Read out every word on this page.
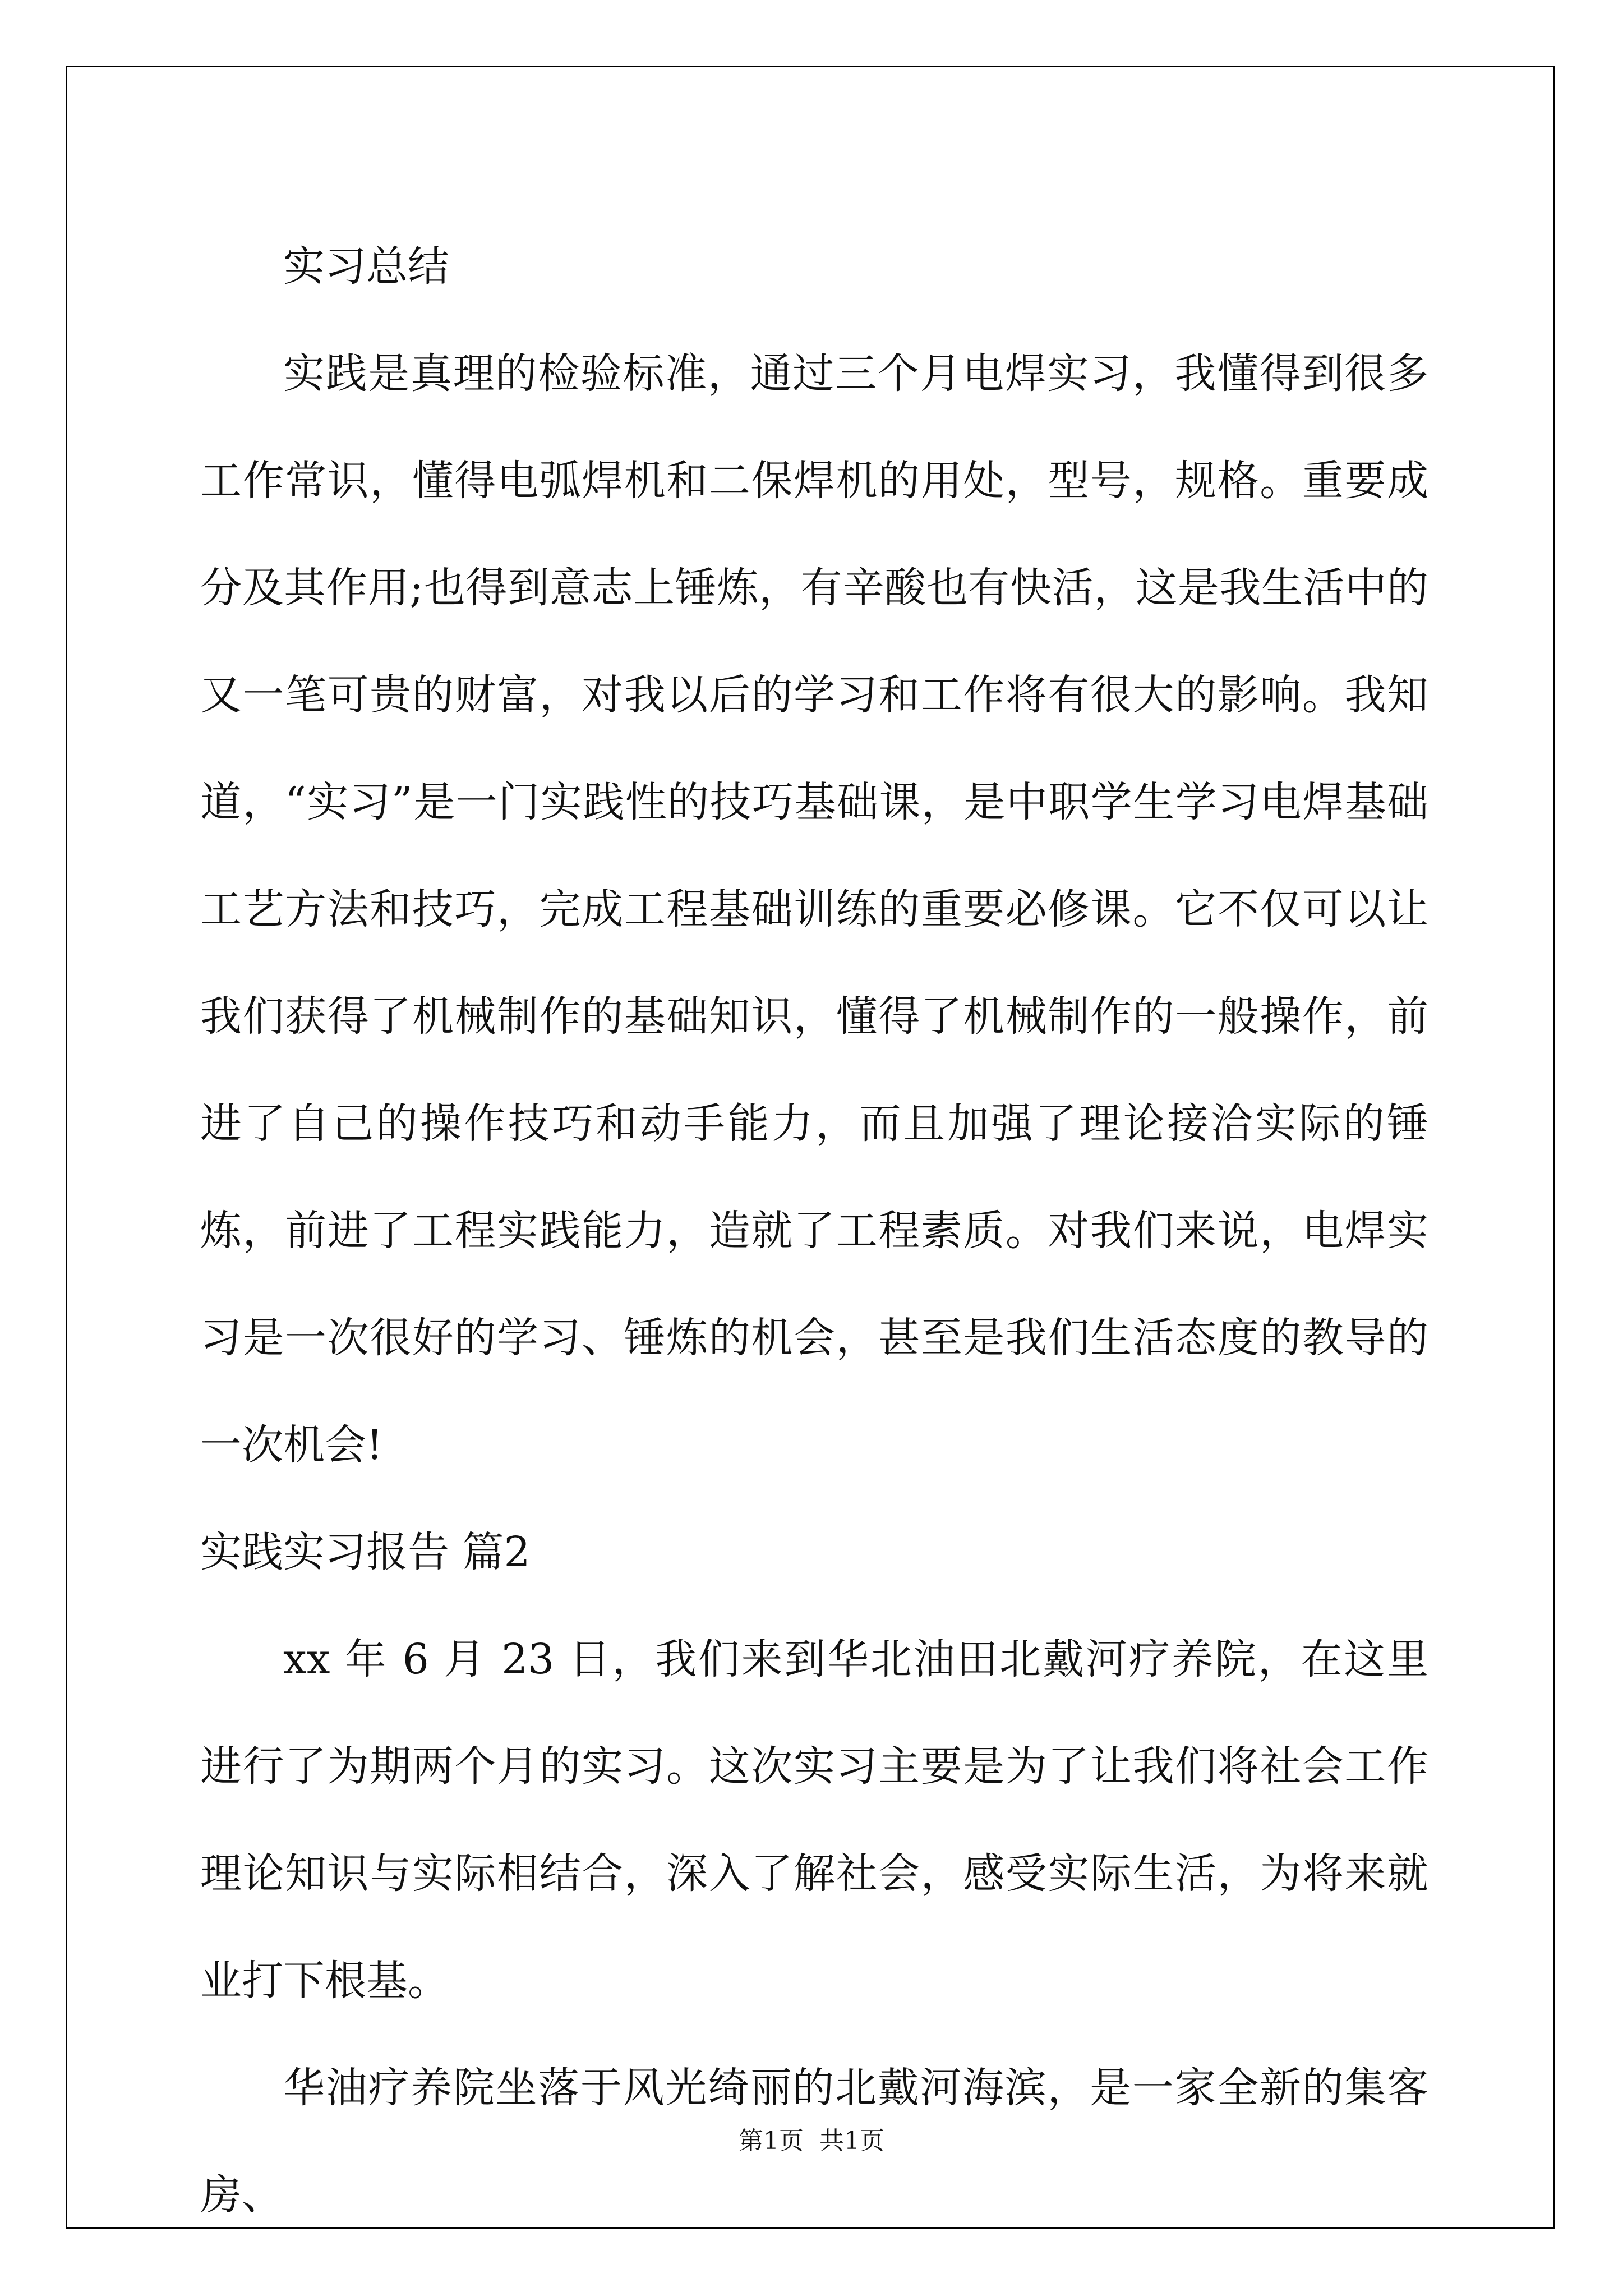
实习总结

实践是真理的检验标准，通过三个月电焊实习，我懂得到很多工作常识，懂得电弧焊机和二保焊机的用处，型号，规格。重要成分及其作用;也得到意志上锤炼，有辛酸也有快活，这是我生活中的又一笔可贵的财富，对我以后的学习和工作将有很大的影响。我知道，“实习”是一门实践性的技巧基础课，是中职学生学习电焊基础工艺方法和技巧，完成工程基础训练的重要必修课。它不仅可以让我们获得了机械制作的基础知识，懂得了机械制作的一般操作，前进了自己的操作技巧和动手能力，而且加强了理论接洽实际的锤炼，前进了工程实践能力，造就了工程素质。对我们来说，电焊实习是一次很好的学习、锤炼的机会，甚至是我们生活态度的教导的一次机会!

实践实习报告 篇2

xx 年 6 月 23 日，我们来到华北油田北戴河疗养院，在这里进行了为期两个月的实习。这次实习主要是为了让我们将社会工作理论知识与实际相结合，深入了解社会，感受实际生活，为将来就业打下根基。

华油疗养院坐落于风光绮丽的北戴河海滨，是一家全新的集客房、

第1页  共1页
